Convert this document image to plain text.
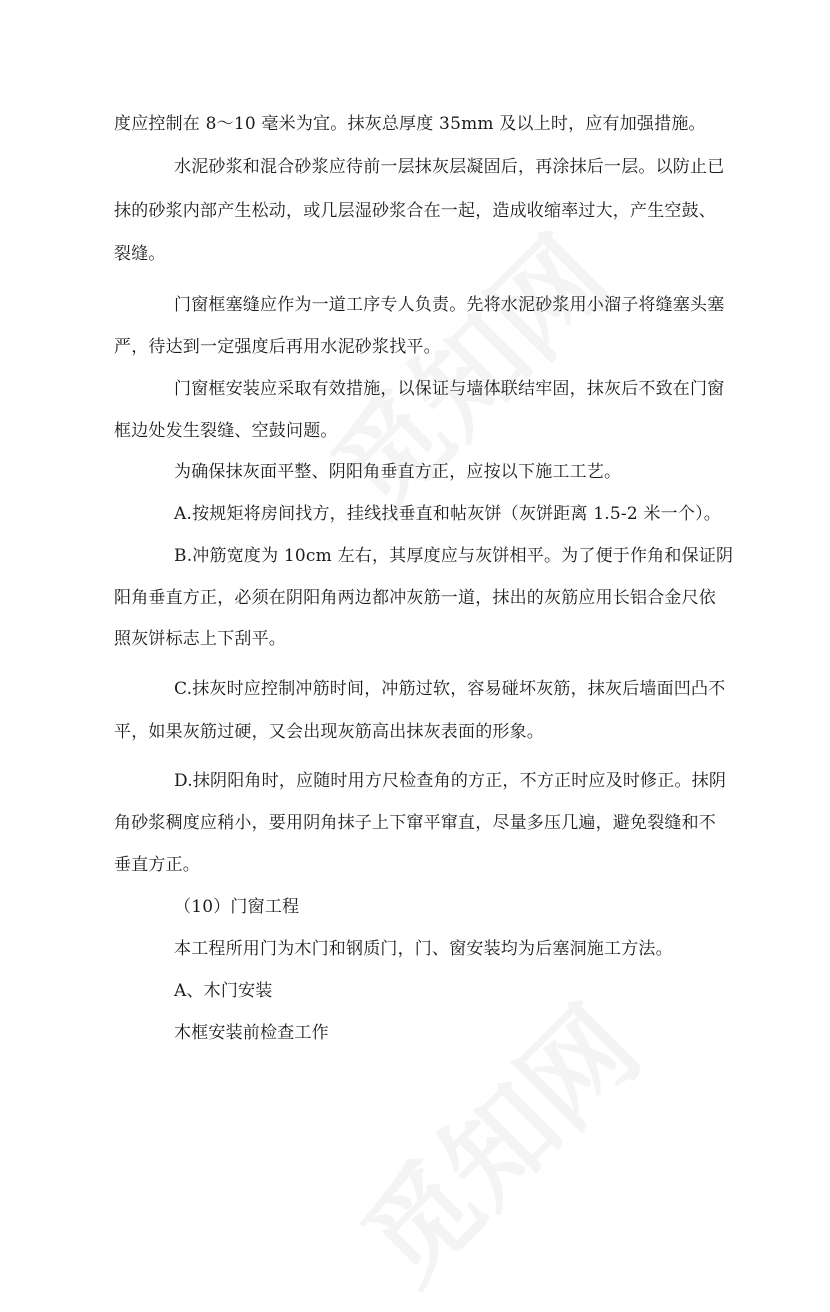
度应控制在 8～10 毫米为宜。抹灰总厚度 35mm 及以上时，应有加强措施。

水泥砂浆和混合砂浆应待前一层抹灰层凝固后，再涂抹后一层。以防止已

抹的砂浆内部产生松动，或几层湿砂浆合在一起，造成收缩率过大，产生空鼓、

裂缝。

门窗框塞缝应作为一道工序专人负责。先将水泥砂浆用小溜子将缝塞头塞

严，待达到一定强度后再用水泥砂浆找平。

门窗框安装应采取有效措施，以保证与墙体联结牢固，抹灰后不致在门窗

框边处发生裂缝、空鼓问题。

为确保抹灰面平整、阴阳角垂直方正，应按以下施工工艺。

A.按规矩将房间找方，挂线找垂直和帖灰饼（灰饼距离 1.5-2 米一个）。

B.冲筋宽度为 10cm 左右，其厚度应与灰饼相平。为了便于作角和保证阴

阳角垂直方正，必须在阴阳角两边都冲灰筋一道，抹出的灰筋应用长铝合金尺依

照灰饼标志上下刮平。

C.抹灰时应控制冲筋时间，冲筋过软，容易碰坏灰筋，抹灰后墙面凹凸不

平，如果灰筋过硬，又会出现灰筋高出抹灰表面的形象。

D.抹阴阳角时，应随时用方尺检查角的方正，不方正时应及时修正。抹阴

角砂浆稠度应稍小，要用阴角抹子上下窜平窜直，尽量多压几遍，避免裂缝和不

垂直方正。

（10）门窗工程

本工程所用门为木门和钢质门，门、窗安装均为后塞洞施工方法。

A、木门安装

木框安装前检查工作
